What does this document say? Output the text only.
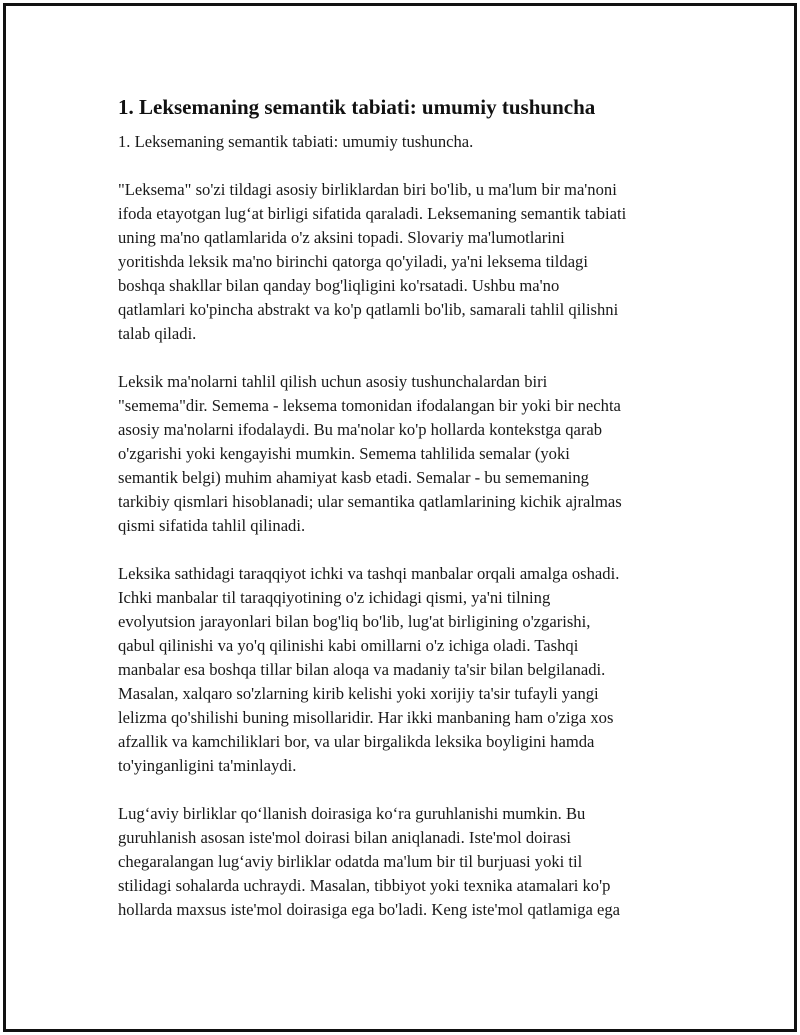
1. Leksemaning semantik tabiati: umumiy tushuncha

1. Leksemaning semantik tabiati: umumiy tushuncha.

"Leksema" so'zi tildagi asosiy birliklardan biri bo'lib, u ma'lum bir ma'noni
ifoda etayotgan lug‘at birligi sifatida qaraladi. Leksemaning semantik tabiati
uning ma'no qatlamlarida o'z aksini topadi. Slovariy ma'lumotlarini
yoritishda leksik ma'no birinchi qatorga qo'yiladi, ya'ni leksema tildagi
boshqa shakllar bilan qanday bog'liqligini ko'rsatadi. Ushbu ma'no
qatlamlari ko'pincha abstrakt va ko'p qatlamli bo'lib, samarali tahlil qilishni
talab qiladi.

Leksik ma'nolarni tahlil qilish uchun asosiy tushunchalardan biri
"semema"dir. Semema - leksema tomonidan ifodalangan bir yoki bir nechta
asosiy ma'nolarni ifodalaydi. Bu ma'nolar ko'p hollarda kontekstga qarab
o'zgarishi yoki kengayishi mumkin. Semema tahlilida semalar (yoki
semantik belgi) muhim ahamiyat kasb etadi. Semalar - bu sememaning
tarkibiy qismlari hisoblanadi; ular semantika qatlamlarining kichik ajralmas
qismi sifatida tahlil qilinadi.

Leksika sathidagi taraqqiyot ichki va tashqi manbalar orqali amalga oshadi.
Ichki manbalar til taraqqiyotining o'z ichidagi qismi, ya'ni tilning
evolyutsion jarayonlari bilan bog'liq bo'lib, lug'at birligining o'zgarishi,
qabul qilinishi va yo'q qilinishi kabi omillarni o'z ichiga oladi. Tashqi
manbalar esa boshqa tillar bilan aloqa va madaniy ta'sir bilan belgilanadi.
Masalan, xalqaro so'zlarning kirib kelishi yoki xorijiy ta'sir tufayli yangi
lelizma qo'shilishi buning misollaridir. Har ikki manbaning ham o'ziga xos
afzallik va kamchiliklari bor, va ular birgalikda leksika boyligini hamda
to'yinganligini ta'minlaydi.

Lug‘aviy birliklar qo‘llanish doirasiga ko‘ra guruhlanishi mumkin. Bu
guruhlanish asosan iste'mol doirasi bilan aniqlanadi. Iste'mol doirasi
chegaralangan lug‘aviy birliklar odatda ma'lum bir til burjuasi yoki til
stilidagi sohalarda uchraydi. Masalan, tibbiyot yoki texnika atamalari ko'p
hollarda maxsus iste'mol doirasiga ega bo'ladi. Keng iste'mol qatlamiga ega
